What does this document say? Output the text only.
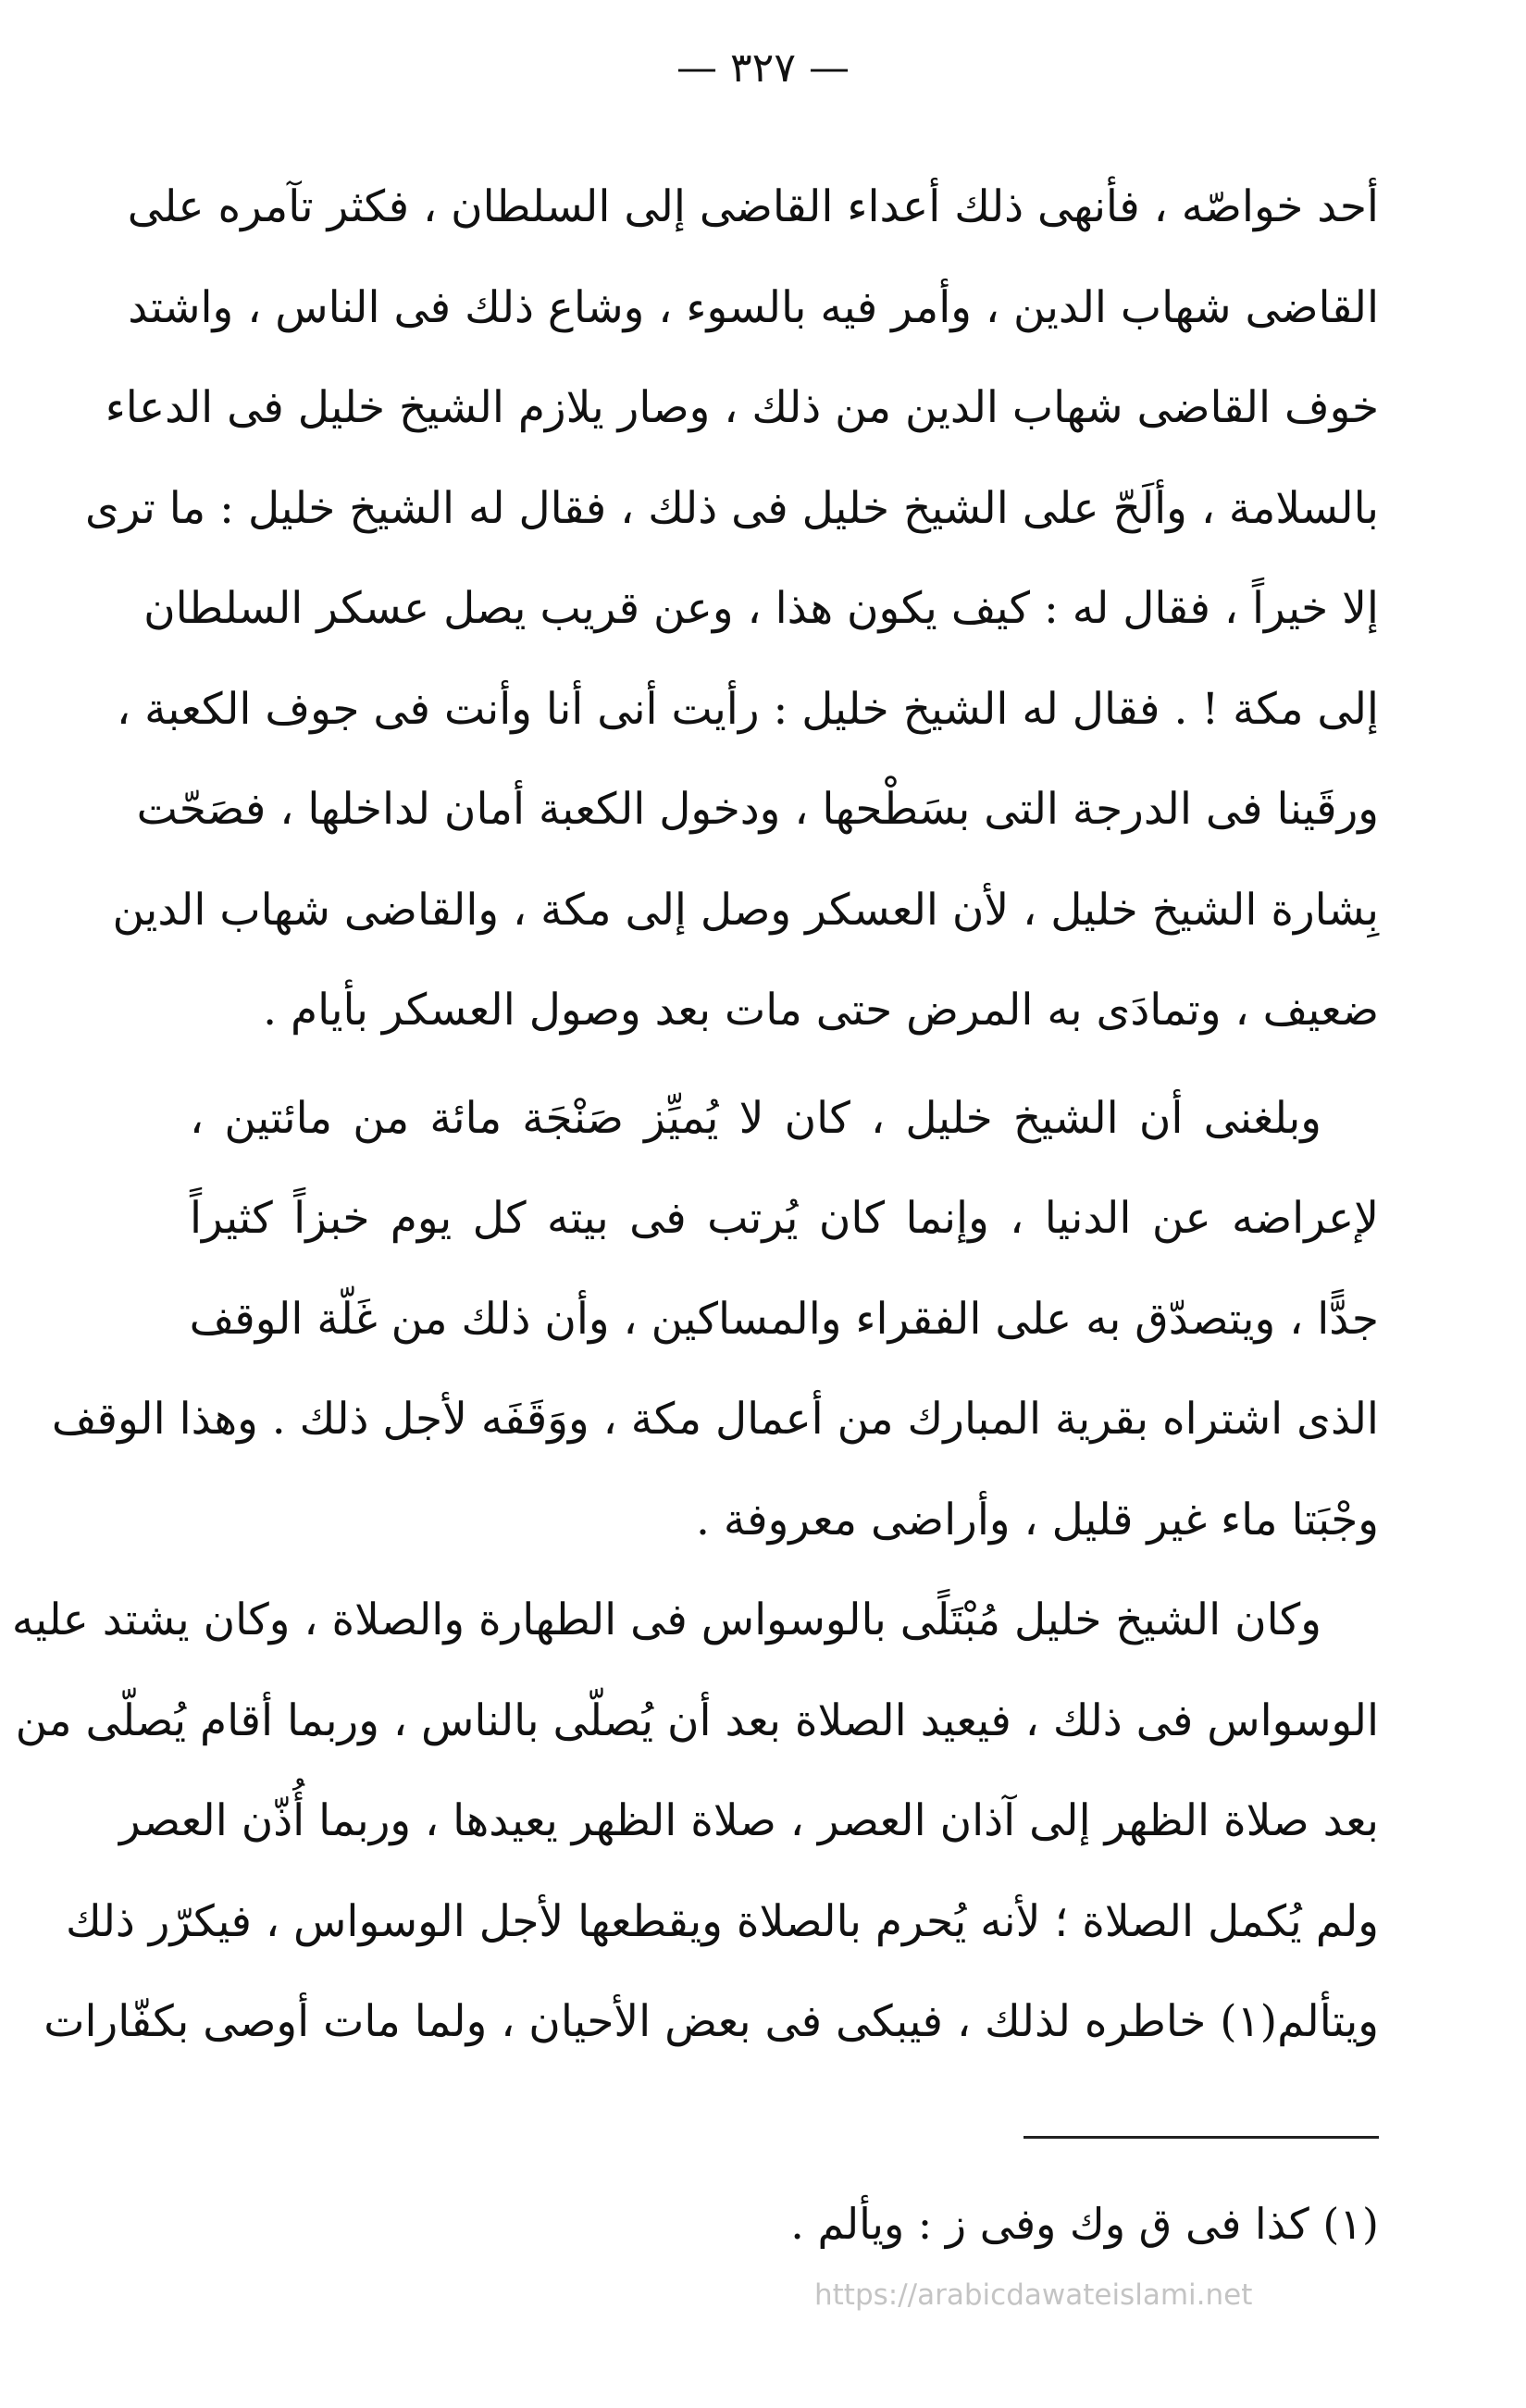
— ٣٢٧ —
أحد خواصّه ، فأنهى ذلك أعداء القاضى إلى السلطان ، فكثر تآمره على
القاضى شهاب الدين ، وأمر فيه بالسوء ، وشاع ذلك فى الناس ، واشتد
خوف القاضى شهاب الدين من ذلك ، وصار يلازم الشيخ خليل فى الدعاء
بالسلامة ، وألَحّ على الشيخ خليل فى ذلك ، فقال له الشيخ خليل : ما ترى
إلا خيراً ، فقال له : كيف يكون هذا ، وعن قريب يصل عسكر السلطان
إلى مكة ! . فقال له الشيخ خليل : رأيت أنى أنا وأنت فى جوف الكعبة ،
ورقَينا فى الدرجة التى بسَطْحها ، ودخول الكعبة أمان لداخلها ، فصَحّت
بِشارة الشيخ خليل ، لأن العسكر وصل إلى مكة ، والقاضى شهاب الدين
ضعيف ، وتمادَى به المرض حتى مات بعد وصول العسكر بأيام .
وبلغنى أن الشيخ خليل ، كان لا يُميِّز صَنْجَة مائة من مائتين ،
لإعراضه عن الدنيا ، وإنما كان يُرتب فى بيته كل يوم خبزاً كثيراً
جدًّا ، ويتصدّق به على الفقراء والمساكين ، وأن ذلك من غَلّة الوقف
الذى اشتراه بقرية المبارك من أعمال مكة ، ووَقَفَه لأجل ذلك . وهذا الوقف
وجْبَتا ماء غير قليل ، وأراضى معروفة .
وكان الشيخ خليل مُبْتَلًى بالوسواس فى الطهارة والصلاة ، وكان يشتد عليه
الوسواس فى ذلك ، فيعيد الصلاة بعد أن يُصلّى بالناس ، وربما أقام يُصلّى من
بعد صلاة الظهر إلى آذان العصر ، صلاة الظهر يعيدها ، وربما أُذّن العصر
ولم يُكمل الصلاة ؛ لأنه يُحرم بالصلاة ويقطعها لأجل الوسواس ، فيكرّر ذلك
ويتألم(١) خاطره لذلك ، فيبكى فى بعض الأحيان ، ولما مات أوصى بكفّارات
(١) كذا فى ق وك وفى ز : ويألم .
https://arabicdawateislami.net
